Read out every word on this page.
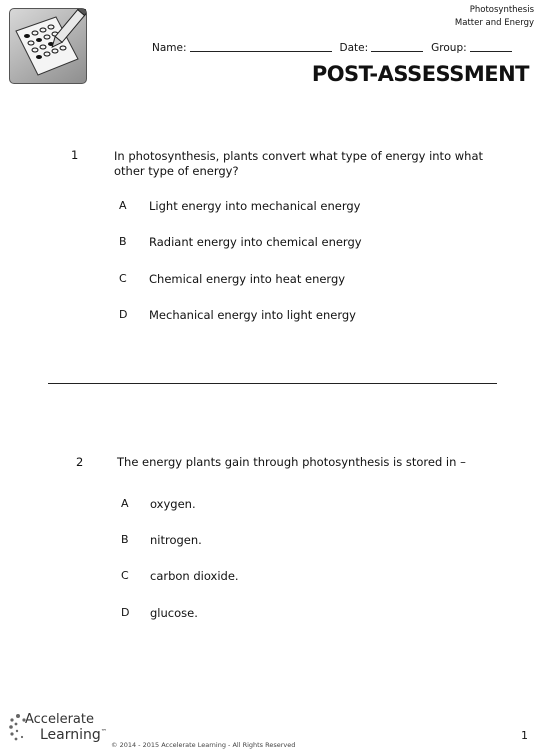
Photosynthesis
Matter and Energy
Name:	Date:	Group:
POST-ASSESSMENT
1	In photosynthesis, plants convert what type of energy into what
other type of energy?
A Light energy into mechanical energy
B Radiant energy into chemical energy
C Chemical energy into heat energy
D Mechanical energy into light energy
2	The energy plants gain through photosynthesis is stored in –
A oxygen.
B nitrogen.
C carbon dioxide.
D glucose.
Accelerate
Learning™
© 2014 - 2015 Accelerate Learning - All Rights Reserved
1
